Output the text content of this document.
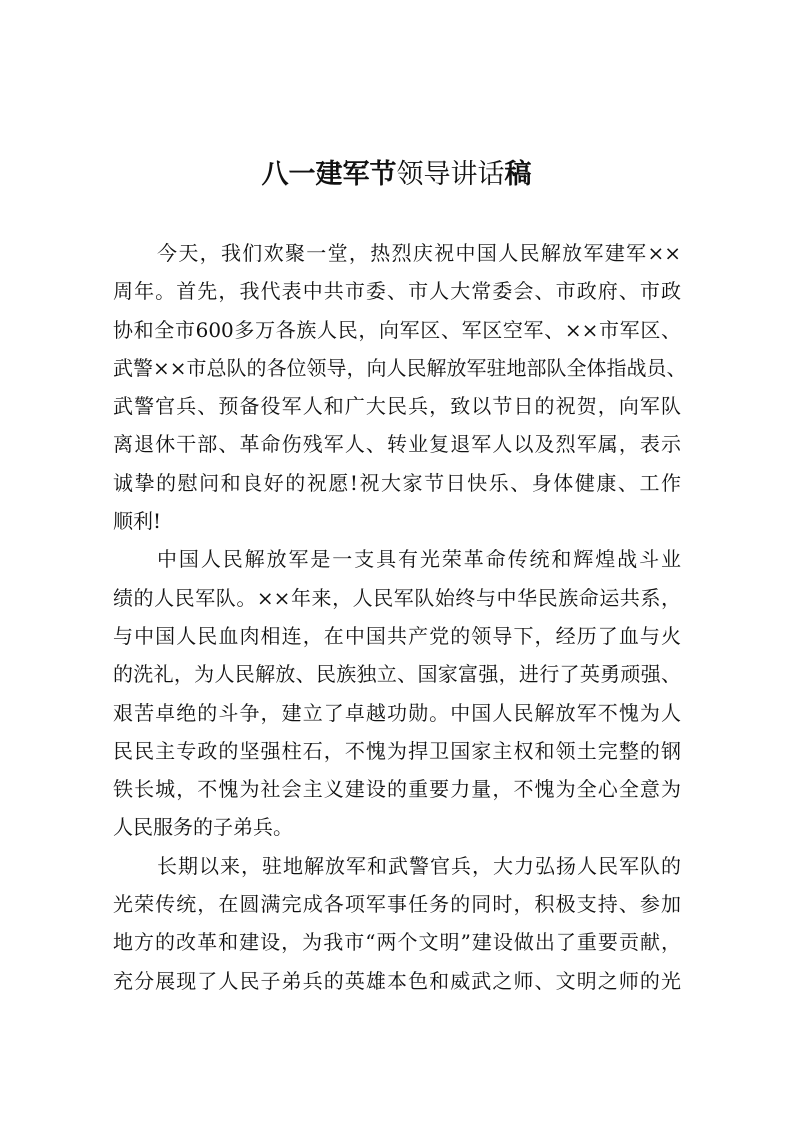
八一建军节领导讲话稿
今天，我们欢聚一堂，热烈庆祝中国人民解放军建军××
周年。首先，我代表中共市委、市人大常委会、市政府、市政
协和全市600多万各族人民，向军区、军区空军、××市军区、
武警××市总队的各位领导，向人民解放军驻地部队全体指战员、
武警官兵、预备役军人和广大民兵，致以节日的祝贺，向军队
离退休干部、革命伤残军人、转业复退军人以及烈军属，表示
诚挚的慰问和良好的祝愿!祝大家节日快乐、身体健康、工作
顺利!
中国人民解放军是一支具有光荣革命传统和辉煌战斗业
绩的人民军队。××年来，人民军队始终与中华民族命运共系，
与中国人民血肉相连，在中国共产党的领导下，经历了血与火
的洗礼，为人民解放、民族独立、国家富强，进行了英勇顽强、
艰苦卓绝的斗争，建立了卓越功勋。中国人民解放军不愧为人
民民主专政的坚强柱石，不愧为捍卫国家主权和领土完整的钢
铁长城，不愧为社会主义建设的重要力量，不愧为全心全意为
人民服务的子弟兵。
长期以来，驻地解放军和武警官兵，大力弘扬人民军队的
光荣传统，在圆满完成各项军事任务的同时，积极支持、参加
地方的改革和建设，为我市“两个文明”建设做出了重要贡献，
充分展现了人民子弟兵的英雄本色和威武之师、文明之师的光
